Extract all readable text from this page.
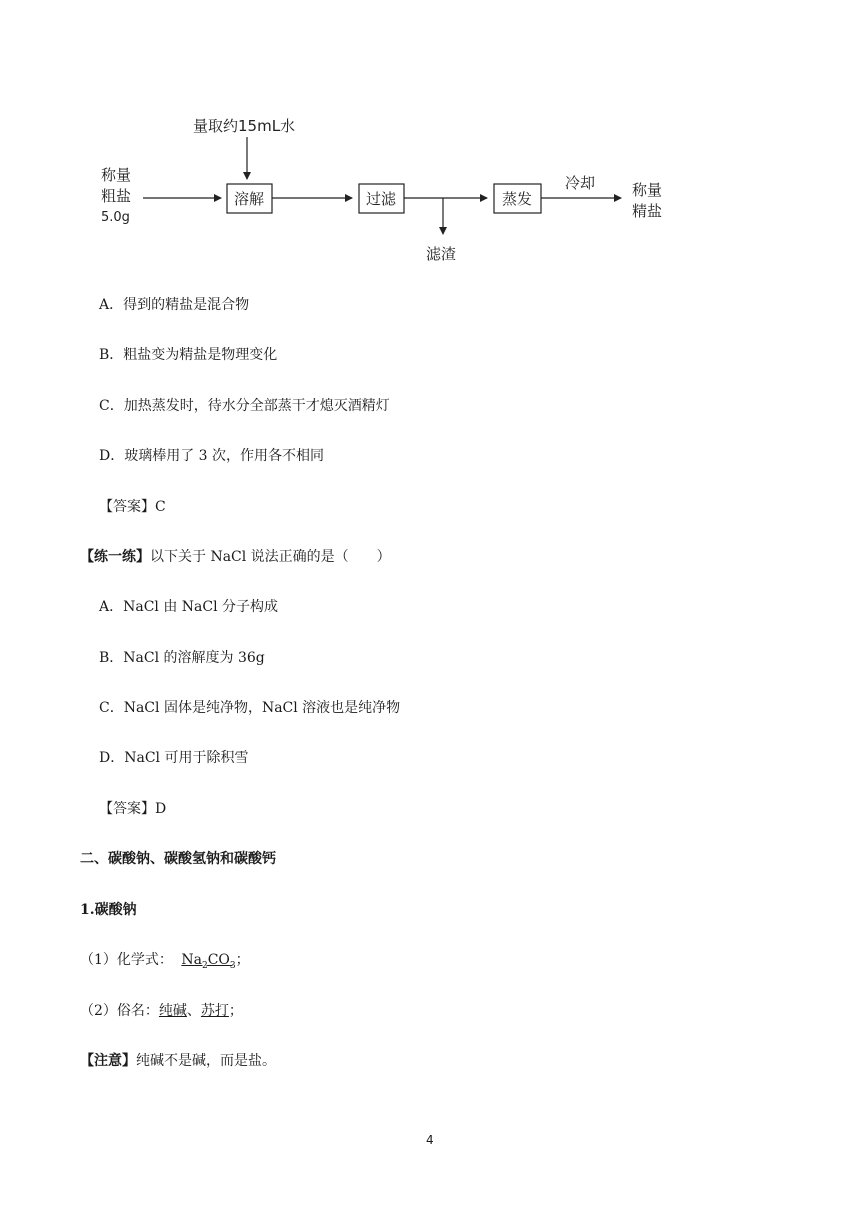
量取约15mL水
称量
粗盐
5.0g
溶解	过滤
滤渣
蒸发
冷却 称量
精盐
A．得到的精盐是混合物
B．粗盐变为精盐是物理变化
C．加热蒸发时，待水分全部蒸干才熄灭酒精灯
D．玻璃棒用了 3 次，作用各不相同
【答案】C
【练一练】以下关于 NaCl 说法正确的是（　　）
A．NaCl 由 NaCl 分子构成
B．NaCl 的溶解度为 36g
C．NaCl 固体是纯净物，NaCl 溶液也是纯净物
D．NaCl 可用于除积雪
【答案】D
二、碳酸钠、碳酸氢钠和碳酸钙
1.碳酸钠
（1）化学式： $Na_2CO_3$；
（2）俗名：纯碱、苏打；
【注意】纯碱不是碱，而是盐。
4
